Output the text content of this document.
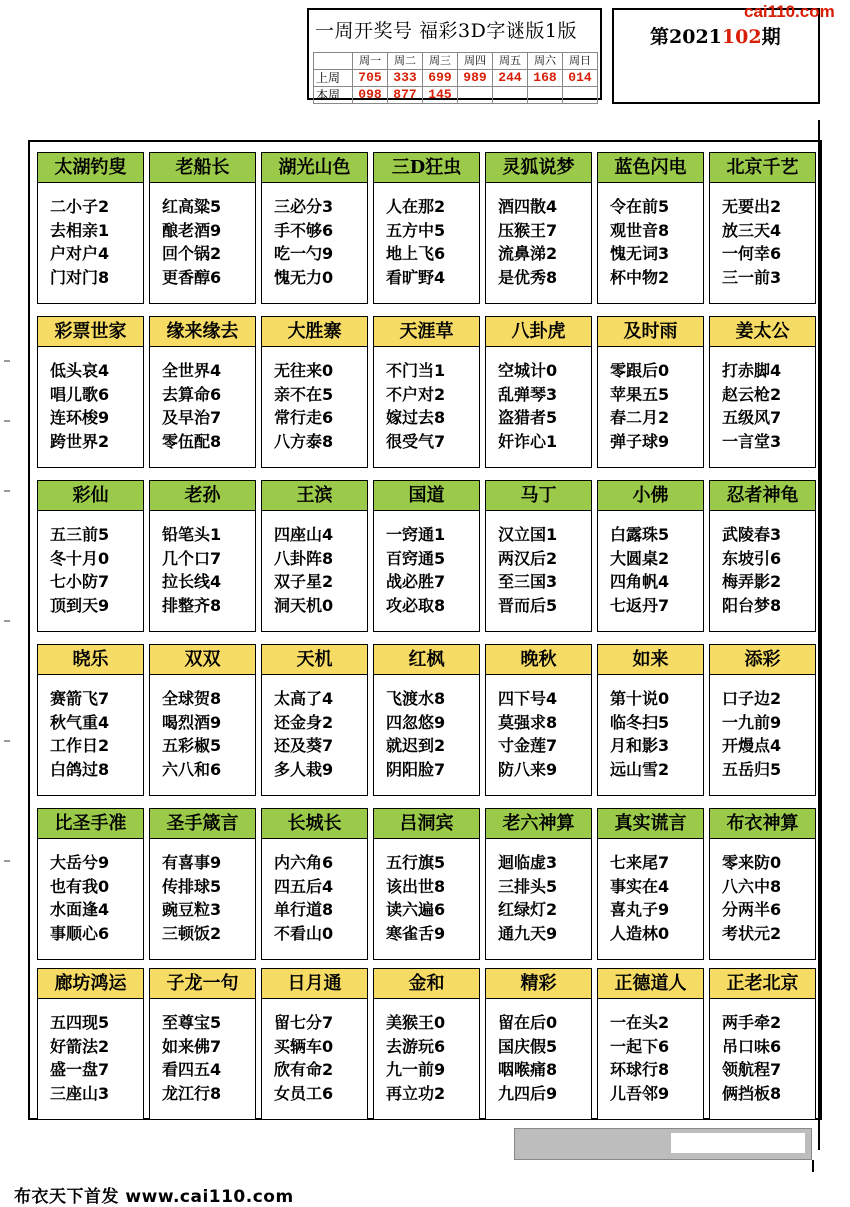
一周开奖号 福彩3D字谜版1版
	周一	周二	周三	周四	周五	周六	周日
上周	705	333	699	989	244	168	014
本周	098	877	145				
第2021102期
cai110.com
太湖钓叟
二小子2
去相亲1
户对户4
门对门8
老船长
红高粱5
酿老酒9
回个锅2
更香醇6
湖光山色
三必分3
手不够6
吃一勺9
愧无力0
三D狂虫
人在那2
五方中5
地上飞6
看旷野4
灵狐说梦
酒四散4
压猴王7
流鼻涕2
是优秀8
蓝色闪电
令在前5
观世音8
愧无词3
杯中物2
北京千艺
无要出2
放三天4
一何幸6
三一前3
彩票世家
低头哀4
唱儿歌6
连环梭9
跨世界2
缘来缘去
全世界4
去算命6
及早治7
零伍配8
大胜寨
无往来0
亲不在5
常行走6
八方泰8
天涯草
不门当1
不户对2
嫁过去8
很受气7
八卦虎
空城计0
乱弹琴3
盗猎者5
奸诈心1
及时雨
零跟后0
苹果五5
春二月2
弹子球9
姜太公
打赤脚4
赵云枪2
五级风7
一言堂3
彩仙
五三前5
冬十月0
七小防7
顶到天9
老孙
铅笔头1
几个口7
拉长线4
排整齐8
王滨
四座山4
八卦阵8
双子星2
洞天机0
国道
一窍通1
百窍通5
战必胜7
攻必取8
马丁
汉立国1
两汉后2
至三国3
晋而后5
小佛
白露珠5
大圆桌2
四角帆4
七返丹7
忍者神龟
武陵春3
东坡引6
梅弄影2
阳台梦8
晓乐
赛箭飞7
秋气重4
工作日2
白鸽过8
双双
全球贺8
喝烈酒9
五彩椒5
六八和6
天机
太高了4
还金身2
还及葵7
多人栽9
红枫
飞渡水8
四忽悠9
就迟到2
阴阳脸7
晚秋
四下号4
莫强求8
寸金莲7
防八来9
如来
第十说0
临冬扫5
月和影3
远山雪2
添彩
口子边2
一九前9
开熳点4
五岳归5
比圣手准
大岳兮9
也有我0
水面逢4
事顺心6
圣手箴言
有喜事9
传排球5
豌豆粒3
三顿饭2
长城长
内六角6
四五后4
单行道8
不看山0
吕洞宾
五行旗5
该出世8
读六遍6
寒雀舌9
老六神算
迴临虚3
三排头5
红绿灯2
通九天9
真实谎言
七来尾7
事实在4
喜丸子9
人造林0
布衣神算
零来防0
八六中8
分两半6
考状元2
廊坊鸿运
五四现5
好箭法2
盛一盘7
三座山3
子龙一句
至尊宝5
如来佛7
看四五4
龙江行8
日月通
留七分7
买辆车0
欣有命2
女员工6
金和
美猴王0
去游玩6
九一前9
再立功2
精彩
留在后0
国庆假5
咽喉痛8
九四后9
正德道人
一在头2
一起下6
环球行8
儿吾邻9
正老北京
两手牵2
吊口味6
领航程7
俩挡板8
布衣天下首发 www.cai110.com
